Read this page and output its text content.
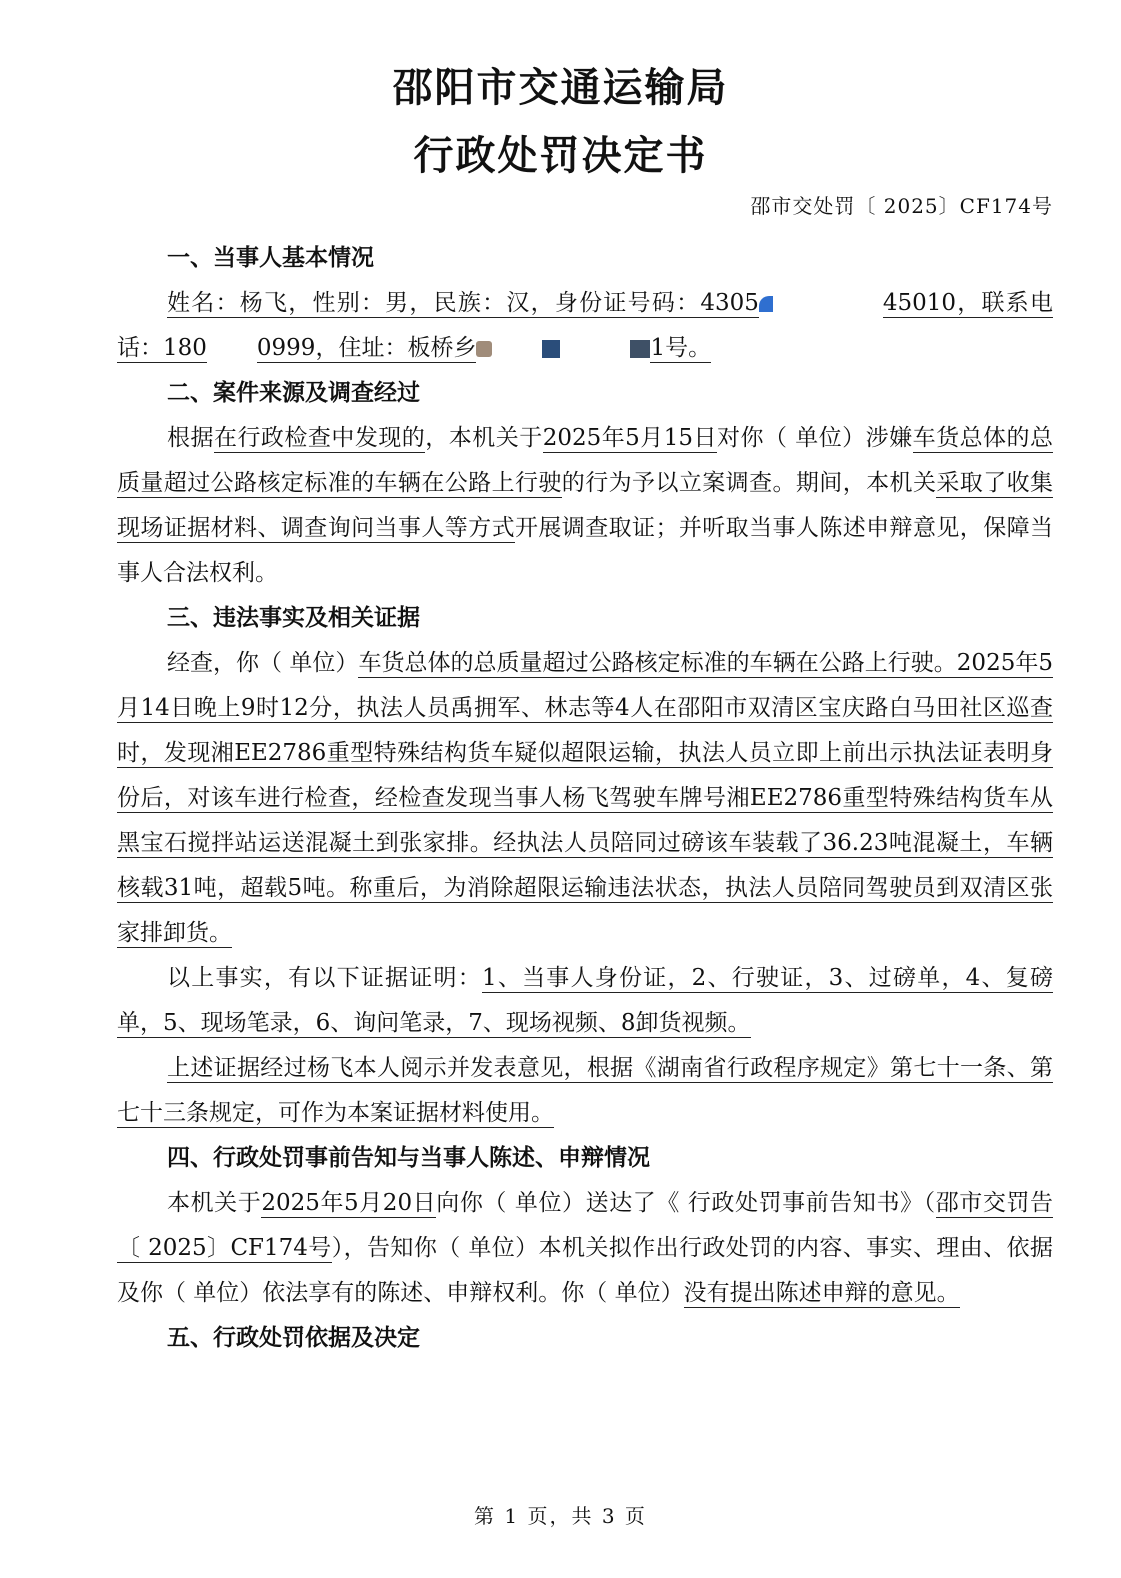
邵阳市交通运输局
行政处罚决定书
邵市交处罚〔 2025〕CF174号
一、当事人基本情况

姓名：杨飞，性别：男，民族：汉，身份证号码：4305	45010，联系电话：180 0999，住址：板桥乡	1号。

二、案件来源及调查经过

根据在行政检查中发现的，本机关于2025年5月15日对你（ 单位）涉嫌车货总体的总质量超过公路核定标准的车辆在公路上行驶的行为予以立案调查。期间，本机关采取了收集现场证据材料、调查询问当事人等方式开展调查取证；并听取当事人陈述申辩意见，保障当事人合法权利。

三、违法事实及相关证据

经查，你（ 单位）车货总体的总质量超过公路核定标准的车辆在公路上行驶。2025年5月14日晚上9时12分，执法人员禹拥军、林志等4人在邵阳市双清区宝庆路白马田社区巡查时，发现湘EE2786重型特殊结构货车疑似超限运输，执法人员立即上前出示执法证表明身份后，对该车进行检查，经检查发现当事人杨飞驾驶车牌号湘EE2786重型特殊结构货车从黑宝石搅拌站运送混凝土到张家排。经执法人员陪同过磅该车装载了36.23吨混凝土，车辆核载31吨，超载5吨。称重后，为消除超限运输违法状态，执法人员陪同驾驶员到双清区张家排卸货。

以上事实，有以下证据证明：1、当事人身份证，2、行驶证，3、过磅单，4、复磅单，5、现场笔录，6、询问笔录，7、现场视频、8卸货视频。

上述证据经过杨飞本人阅示并发表意见，根据《湖南省行政程序规定》第七十一条、第七十三条规定，可作为本案证据材料使用。

四、行政处罚事前告知与当事人陈述、申辩情况

本机关于2025年5月20日向你（ 单位）送达了《 行政处罚事前告知书》（邵市交罚告〔 2025〕CF174号），告知你（ 单位）本机关拟作出行政处罚的内容、事实、理由、依据及你（ 单位）依法享有的陈述、申辩权利。你（ 单位）没有提出陈述申辩的意见。

五、行政处罚依据及决定
第 1 页，共 3 页
